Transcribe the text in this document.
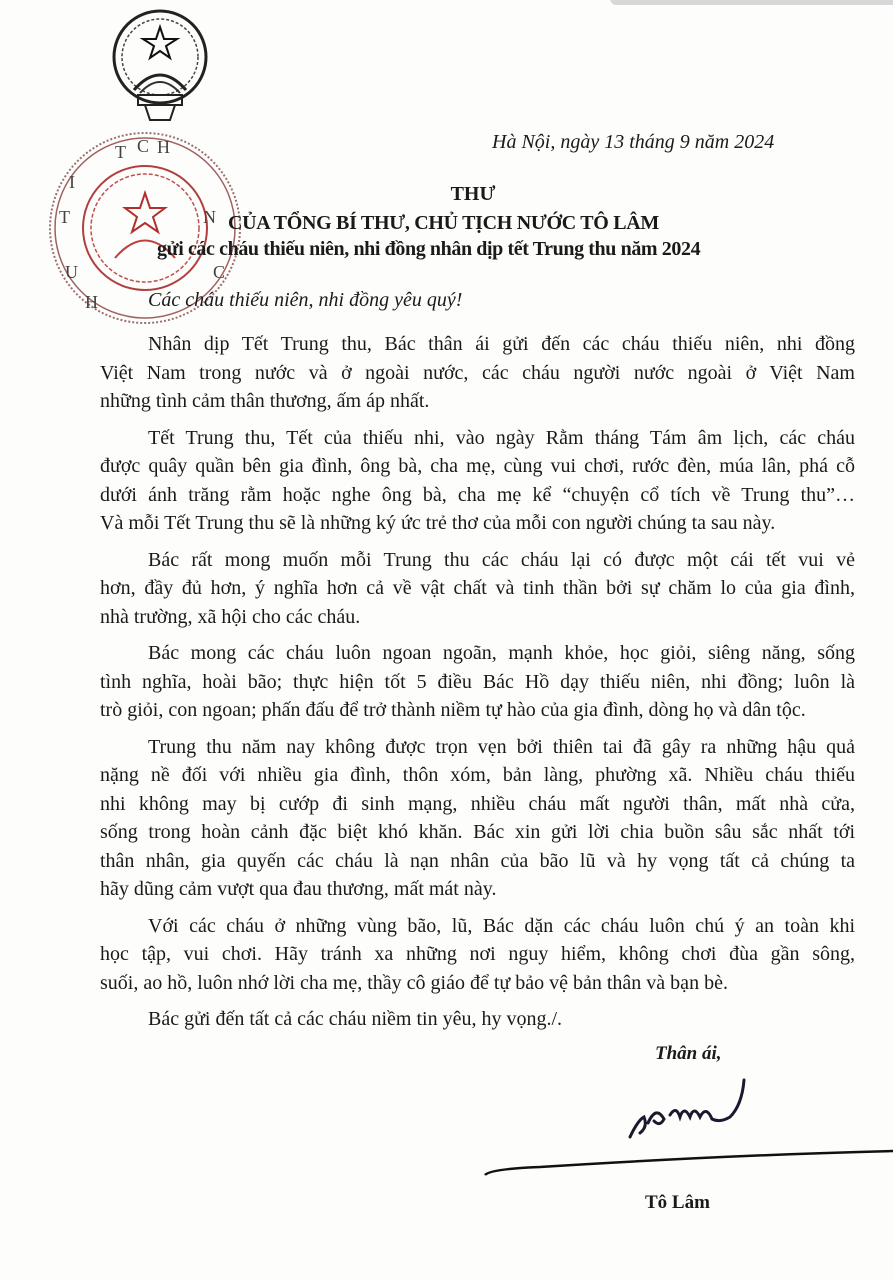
T C H
I
T	N
U	C
H
Hà Nội, ngày 13 tháng 9 năm 2024
THƯ
CỦA TỔNG BÍ THƯ, CHỦ TỊCH NƯỚC TÔ LÂM
gửi các cháu thiếu niên, nhi đồng nhân dịp tết Trung thu năm 2024
Các cháu thiếu niên, nhi đồng yêu quý!
Nhân dịp Tết Trung thu, Bác thân ái gửi đến các cháu thiếu niên, nhi đồng
Việt Nam trong nước và ở ngoài nước, các cháu người nước ngoài ở Việt Nam
những tình cảm thân thương, ấm áp nhất.
Tết Trung thu, Tết của thiếu nhi, vào ngày Rằm tháng Tám âm lịch, các cháu
được quây quần bên gia đình, ông bà, cha mẹ, cùng vui chơi, rước đèn, múa lân, phá cỗ
dưới ánh trăng rằm hoặc nghe ông bà, cha mẹ kể “chuyện cổ tích về Trung thu”…
Và mỗi Tết Trung thu sẽ là những ký ức trẻ thơ của mỗi con người chúng ta sau này.
Bác rất mong muốn mỗi Trung thu các cháu lại có được một cái tết vui vẻ
hơn, đầy đủ hơn, ý nghĩa hơn cả về vật chất và tinh thần bởi sự chăm lo của gia đình,
nhà trường, xã hội cho các cháu.
Bác mong các cháu luôn ngoan ngoãn, mạnh khỏe, học giỏi, siêng năng, sống
tình nghĩa, hoài bão; thực hiện tốt 5 điều Bác Hồ dạy thiếu niên, nhi đồng; luôn là
trò giỏi, con ngoan; phấn đấu để trở thành niềm tự hào của gia đình, dòng họ và dân tộc.
Trung thu năm nay không được trọn vẹn bởi thiên tai đã gây ra những hậu quả
nặng nề đối với nhiều gia đình, thôn xóm, bản làng, phường xã. Nhiều cháu thiếu
nhi không may bị cướp đi sinh mạng, nhiều cháu mất người thân, mất nhà cửa,
sống trong hoàn cảnh đặc biệt khó khăn. Bác xin gửi lời chia buồn sâu sắc nhất tới
thân nhân, gia quyến các cháu là nạn nhân của bão lũ và hy vọng tất cả chúng ta
hãy dũng cảm vượt qua đau thương, mất mát này.
Với các cháu ở những vùng bão, lũ, Bác dặn các cháu luôn chú ý an toàn khi
học tập, vui chơi. Hãy tránh xa những nơi nguy hiểm, không chơi đùa gần sông,
suối, ao hồ, luôn nhớ lời cha mẹ, thầy cô giáo để tự bảo vệ bản thân và bạn bè.
Bác gửi đến tất cả các cháu niềm tin yêu, hy vọng./.
Thân ái,
Tô Lâm
